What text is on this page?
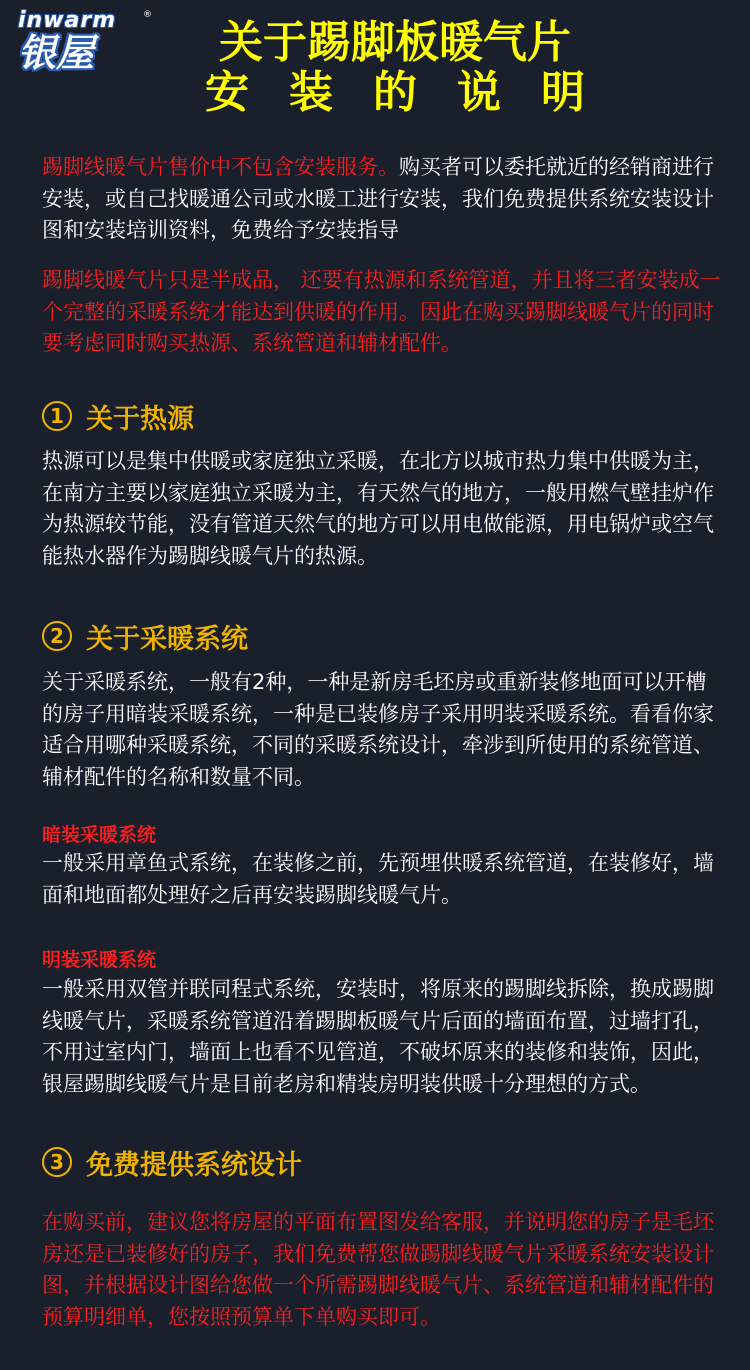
inwarm	®
银屋	关于踢脚板暖气片
安装的说明

踢脚线暖气片售价中不包含安装服务。购买者可以委托就近的经销商进行安装，或自己找暖通公司或水暖工进行安装，我们免费提供系统安装设计图和安装培训资料，免费给予安装指导

踢脚线暖气片只是半成品， 还要有热源和系统管道，并且将三者安装成一个完整的采暖系统才能达到供暖的作用。因此在购买踢脚线暖气片的同时要考虑同时购买热源、系统管道和辅材配件。

1 关于热源

热源可以是集中供暖或家庭独立采暖，在北方以城市热力集中供暖为主，在南方主要以家庭独立采暖为主，有天然气的地方，一般用燃气壁挂炉作为热源较节能，没有管道天然气的地方可以用电做能源，用电锅炉或空气能热水器作为踢脚线暖气片的热源。

2 关于采暖系统

关于采暖系统，一般有2种，一种是新房毛坯房或重新装修地面可以开槽的房子用暗装采暖系统，一种是已装修房子采用明装采暖系统。看看你家适合用哪种采暖系统，不同的采暖系统设计，牵涉到所使用的系统管道、辅材配件的名称和数量不同。

暗装采暖系统

一般采用章鱼式系统，在装修之前，先预埋供暖系统管道，在装修好，墙面和地面都处理好之后再安装踢脚线暖气片。

明装采暖系统

一般采用双管并联同程式系统，安装时，将原来的踢脚线拆除，换成踢脚线暖气片，采暖系统管道沿着踢脚板暖气片后面的墙面布置，过墙打孔，不用过室内门，墙面上也看不见管道，不破坏原来的装修和装饰，因此，银屋踢脚线暖气片是目前老房和精装房明装供暖十分理想的方式。

3 免费提供系统设计

在购买前，建议您将房屋的平面布置图发给客服，并说明您的房子是毛坯房还是已装修好的房子，我们免费帮您做踢脚线暖气片采暖系统安装设计图，并根据设计图给您做一个所需踢脚线暖气片、系统管道和辅材配件的预算明细单，您按照预算单下单购买即可。
